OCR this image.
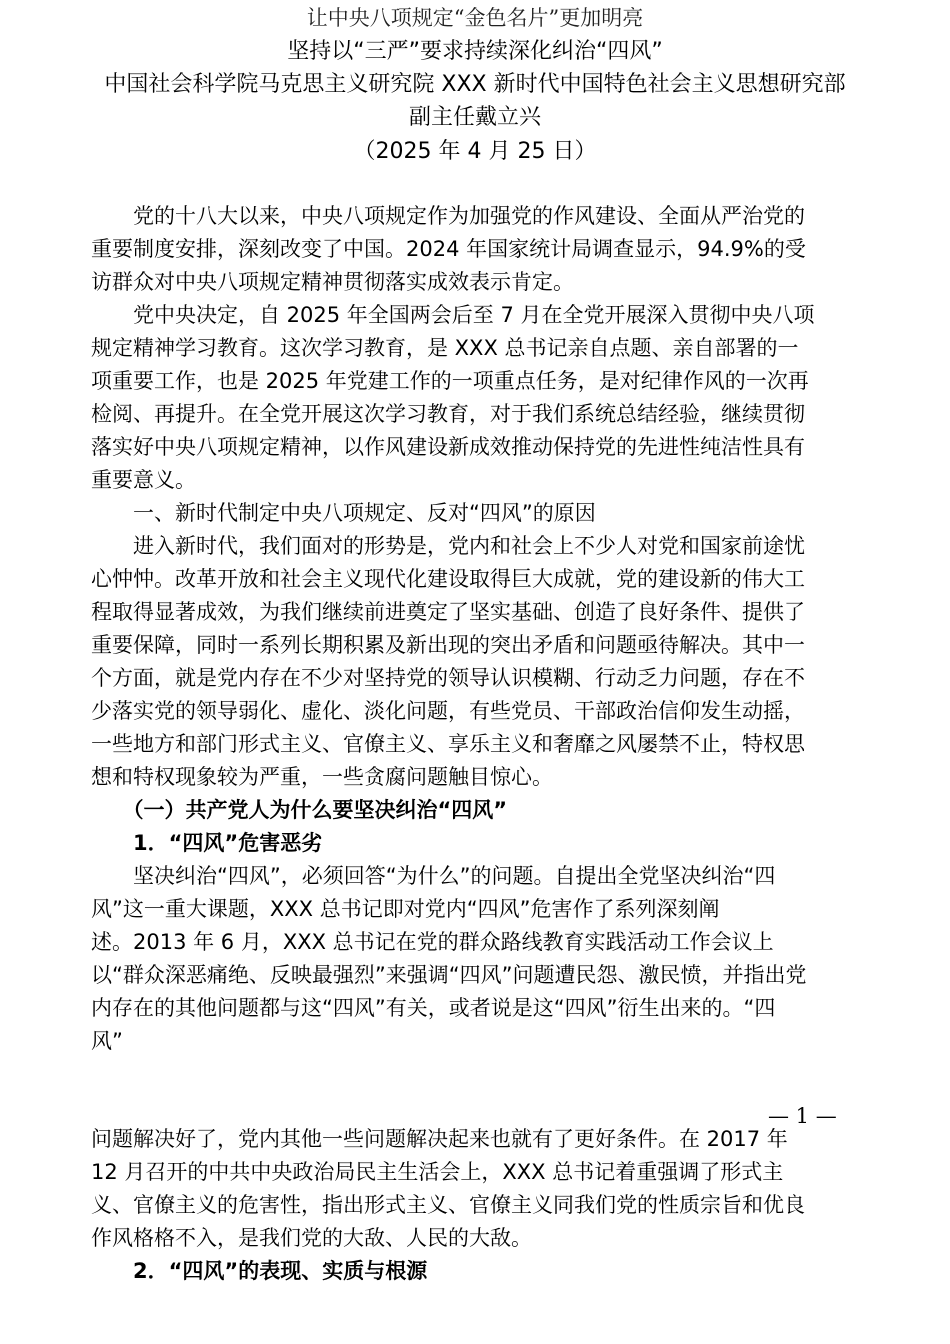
让中央八项规定“金色名片”更加明亮
坚持以“三严”要求持续深化纠治“四风”
中国社会科学院马克思主义研究院 XXX 新时代中国特色社会主义思想研究部
副主任戴立兴
（2025 年 4 月 25 日）
　　党的十八大以来，中央八项规定作为加强党的作风建设、全面从严治党的
重要制度安排，深刻改变了中国。2024 年国家统计局调查显示，94.9%的受
访群众对中央八项规定精神贯彻落实成效表示肯定。
　　党中央决定，自 2025 年全国两会后至 7 月在全党开展深入贯彻中央八项
规定精神学习教育。这次学习教育，是 XXX 总书记亲自点题、亲自部署的一
项重要工作，也是 2025 年党建工作的一项重点任务，是对纪律作风的一次再
检阅、再提升。在全党开展这次学习教育，对于我们系统总结经验，继续贯彻
落实好中央八项规定精神，以作风建设新成效推动保持党的先进性纯洁性具有
重要意义。
　　一、新时代制定中央八项规定、反对“四风”的原因
　　进入新时代，我们面对的形势是，党内和社会上不少人对党和国家前途忧
心忡忡。改革开放和社会主义现代化建设取得巨大成就，党的建设新的伟大工
程取得显著成效，为我们继续前进奠定了坚实基础、创造了良好条件、提供了
重要保障，同时一系列长期积累及新出现的突出矛盾和问题亟待解决。其中一
个方面，就是党内存在不少对坚持党的领导认识模糊、行动乏力问题，存在不
少落实党的领导弱化、虚化、淡化问题，有些党员、干部政治信仰发生动摇，
一些地方和部门形式主义、官僚主义、享乐主义和奢靡之风屡禁不止，特权思
想和特权现象较为严重，一些贪腐问题触目惊心。
　　（一）共产党人为什么要坚决纠治“四风”
　　1．“四风”危害恶劣
　　坚决纠治“四风”，必须回答“为什么”的问题。自提出全党坚决纠治“四
风”这一重大课题，XXX 总书记即对党内“四风”危害作了系列深刻阐
述。2013 年 6 月，XXX 总书记在党的群众路线教育实践活动工作会议上
以“群众深恶痛绝、反映最强烈”来强调“四风”问题遭民怨、激民愤，并指出党
内存在的其他问题都与这“四风”有关，或者说是这“四风”衍生出来的。“四
风”
— 1 —
问题解决好了，党内其他一些问题解决起来也就有了更好条件。在 2017 年
12 月召开的中共中央政治局民主生活会上，XXX 总书记着重强调了形式主
义、官僚主义的危害性，指出形式主义、官僚主义同我们党的性质宗旨和优良
作风格格不入，是我们党的大敌、人民的大敌。
　　2．“四风”的表现、实质与根源
